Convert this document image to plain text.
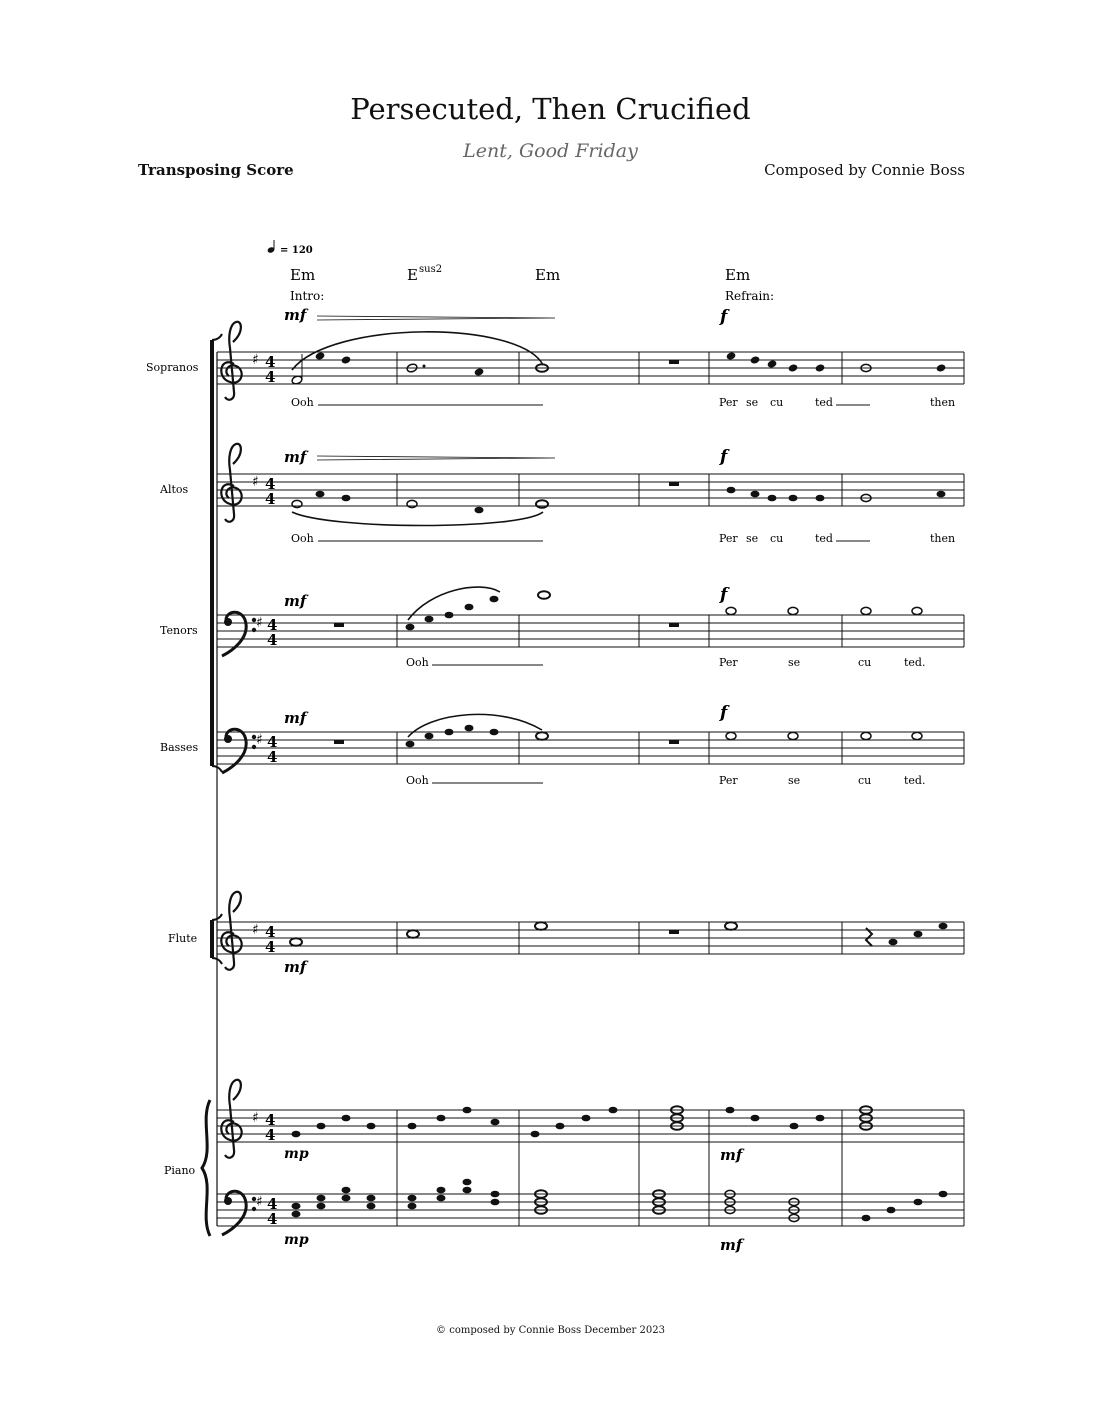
Persecuted, Then Crucified
Lent, Good Friday
Transposing Score	Composed by Connie Boss
= 120
Em	E sus2	Em	Em
Intro:	Refrain:
Sopranos	♯ 4
4
mf	f
Ooh	Per se cu	ted	then
Altos	♯ 4
4
mf	f
Ooh	Per se cu	ted	then
Tenors	♯ 4
4
mf	f
Ooh	Per	se	cu	ted.
Basses	♯ 4
4
mf	f
Ooh	Per	se	cu	ted.
Flute
♯ 4
4
mf
Piano
♯ 4
4
♯ 4
4
mp	mf
mp	mf
© composed by Connie Boss December 2023
